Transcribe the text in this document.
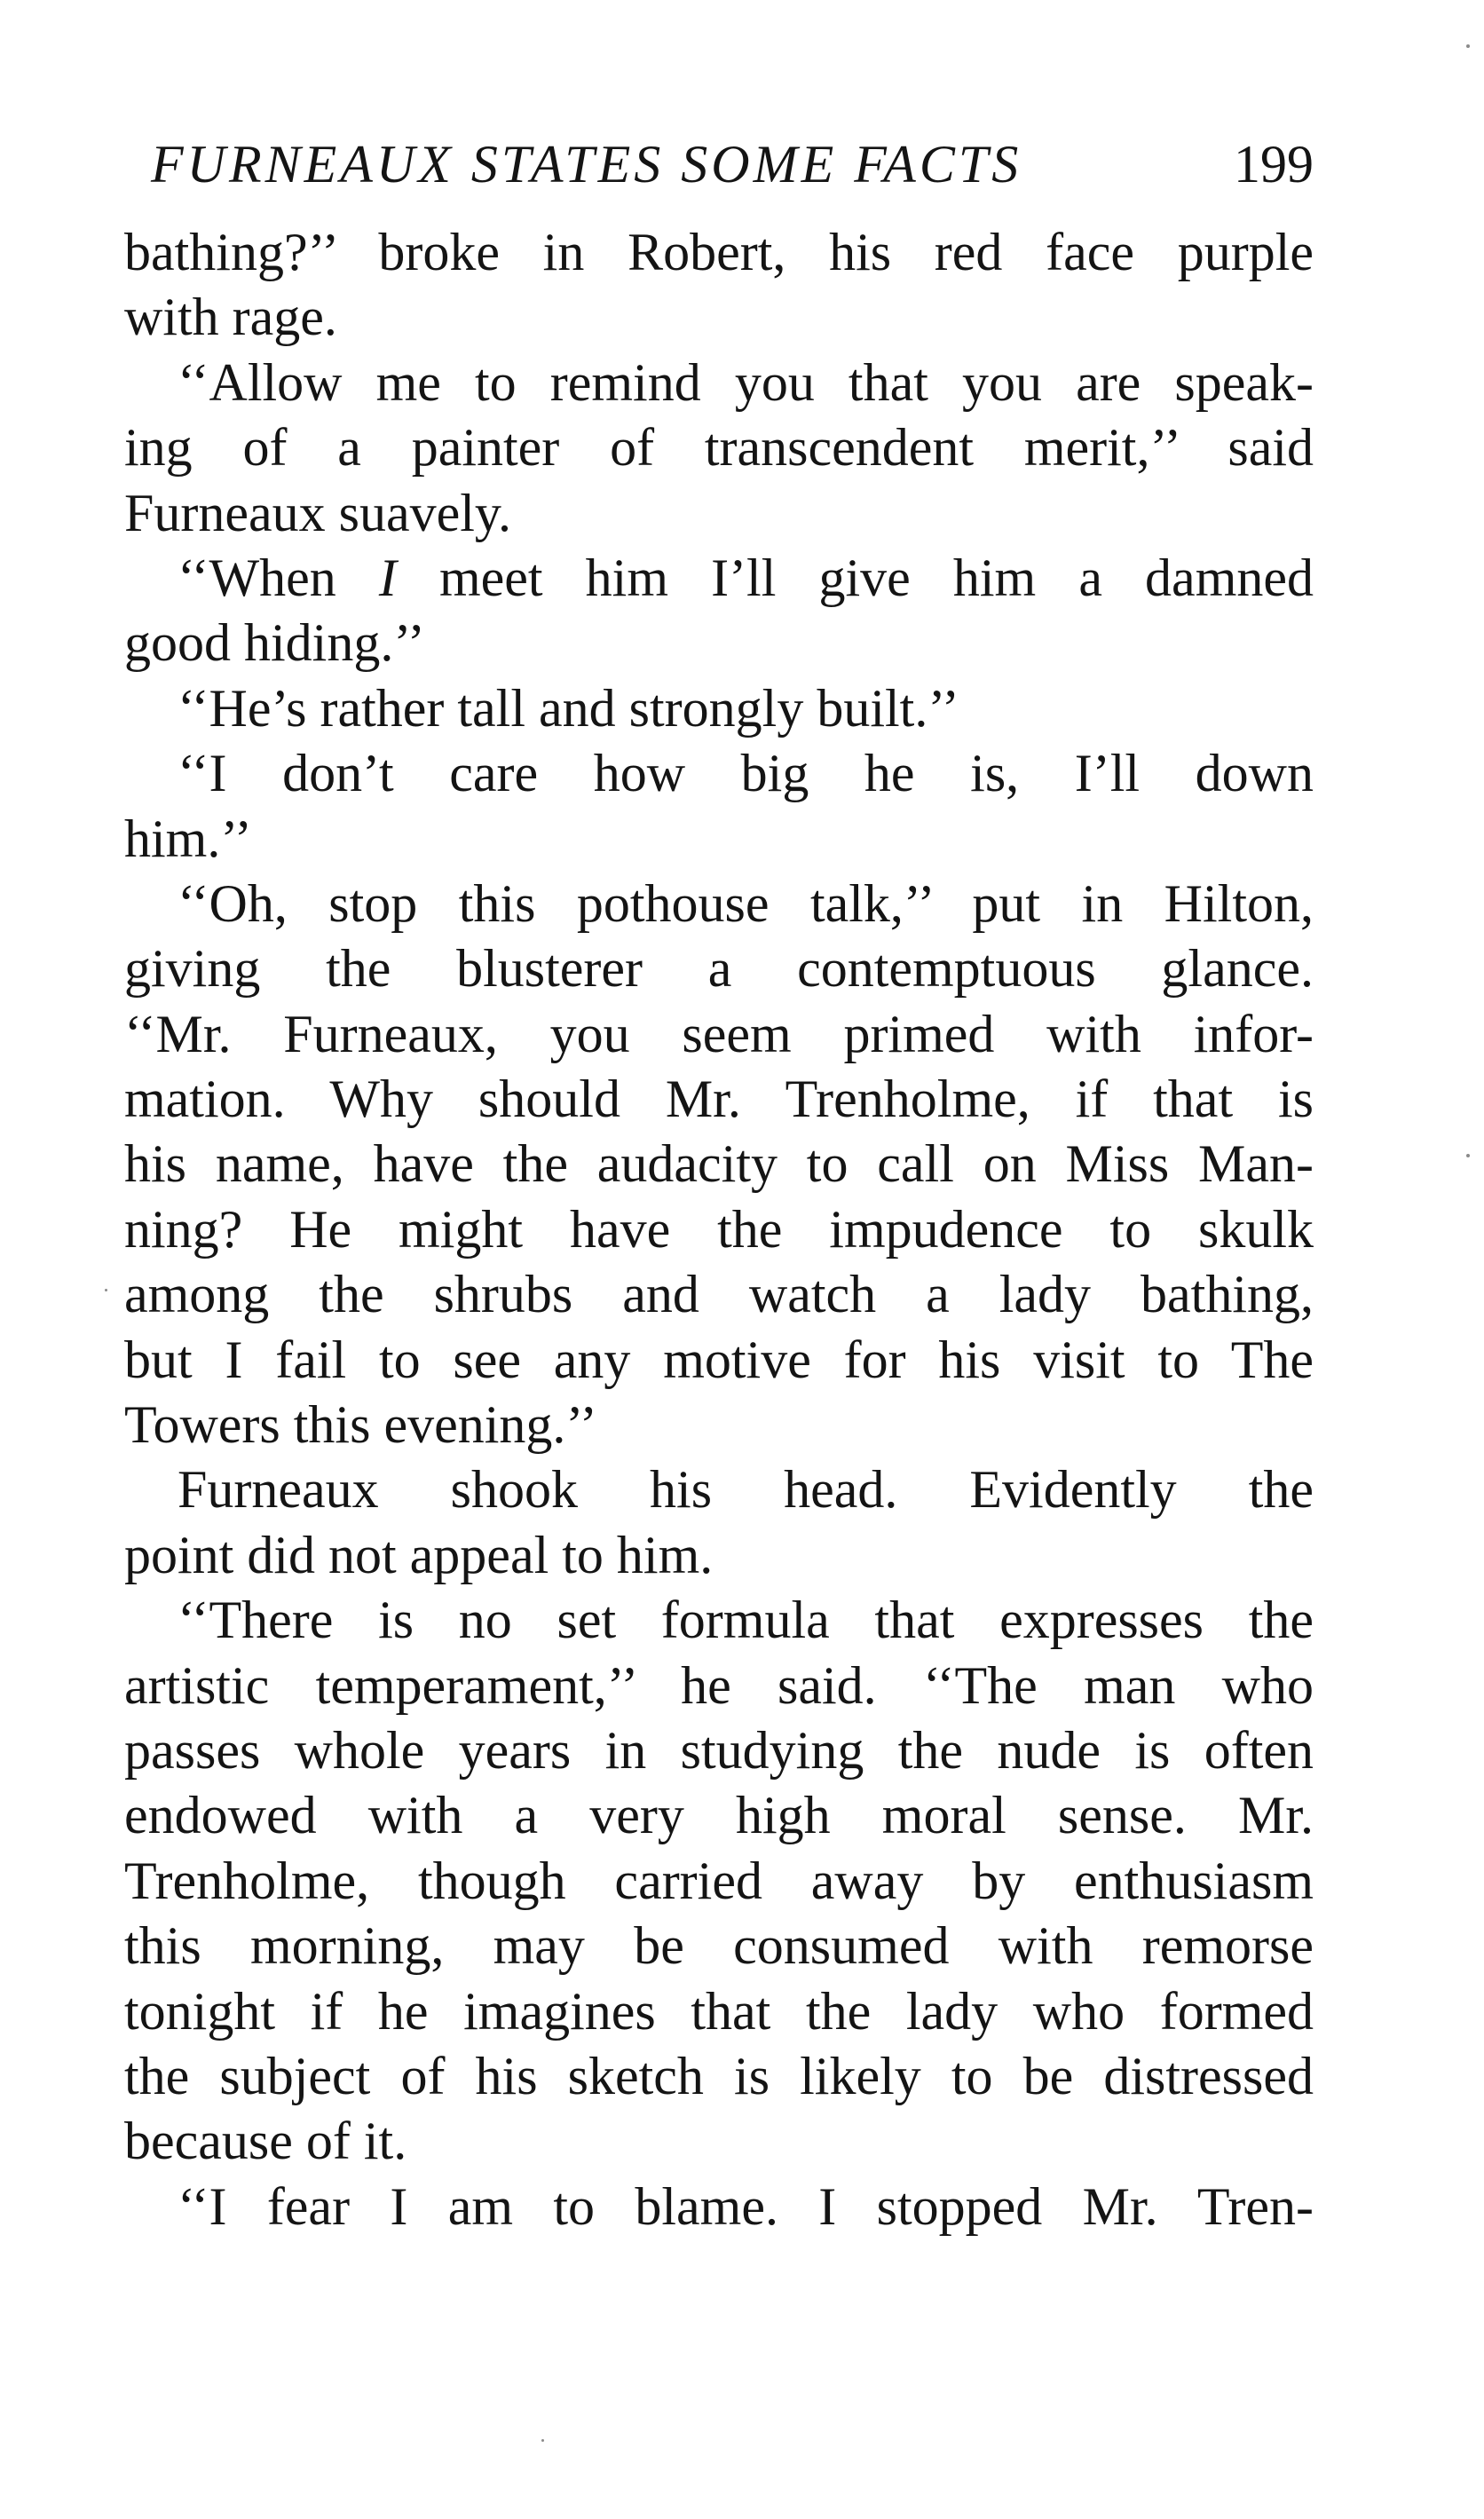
FURNEAUX STATES SOME FACTS	199
bathing?’’ broke in Robert, his red face purple
with rage.
‘‘Allow me to remind you that you are speak-
ing of a painter of transcendent merit,’’ said
Furneaux suavely.
‘‘When I meet him I’ll give him a damned
good hiding.’’
‘‘He’s rather tall and strongly built.’’
‘‘I don’t care how big he is, I’ll down
him.’’
‘‘Oh, stop this pothouse talk,’’ put in Hilton,
giving the blusterer a contemptuous glance.
‘‘Mr. Furneaux, you seem primed with infor-
mation. Why should Mr. Trenholme, if that is
his name, have the audacity to call on Miss Man-
ning? He might have the impudence to skulk
among the shrubs and watch a lady bathing,
but I fail to see any motive for his visit to The
Towers this evening.’’
Furneaux shook his head. Evidently the
point did not appeal to him.
‘‘There is no set formula that expresses the
artistic temperament,’’ he said. ‘‘The man who
passes whole years in studying the nude is often
endowed with a very high moral sense. Mr.
Trenholme, though carried away by enthusiasm
this morning, may be consumed with remorse
tonight if he imagines that the lady who formed
the subject of his sketch is likely to be distressed
because of it.
‘‘I fear I am to blame. I stopped Mr. Tren-
